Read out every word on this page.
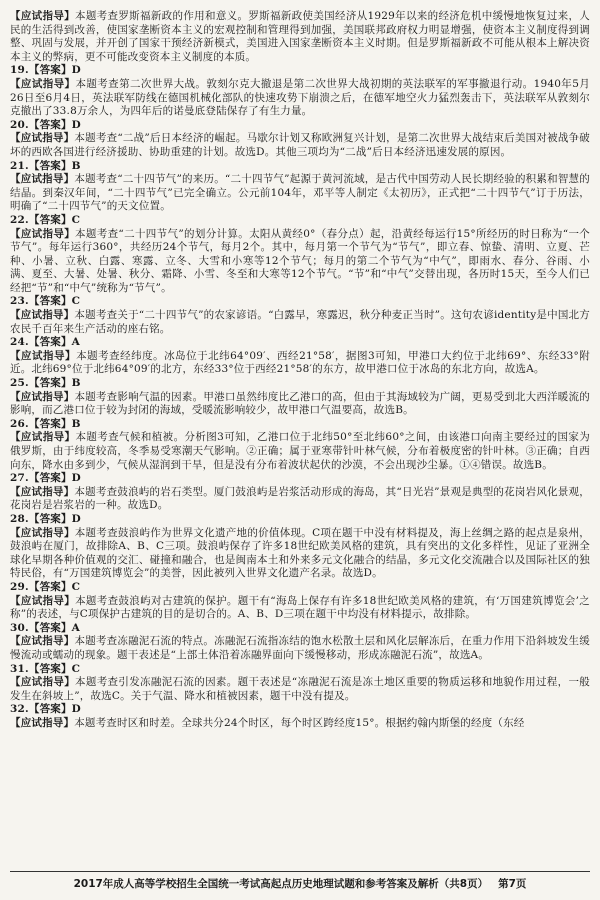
【应试指导】本题考查罗斯福新政的作用和意义。罗斯福新政使美国经济从1929年以来的经济危机中缓慢地恢复过来，人民的生活得到改善，使国家垄断资本主义的宏观控制和管理得到加强，美国联邦政府权力明显增强，使资本主义制度得到调整、巩固与发展，并开创了国家干预经济新模式，美国进入国家垄断资本主义时期。但是罗斯福新政不可能从根本上解决资本主义的弊病，更不可能改变资本主义制度的本质。
19.【答案】D
【应试指导】本题考查第二次世界大战。敦刻尔克大撤退是第二次世界大战初期的英法联军的军事撤退行动。1940年5月26日至6月4日，英法联军防线在德国机械化部队的快速攻势下崩溃之后，在德军地空火力猛烈轰击下，英法联军从敦刻尔克撤出了33.8万余人，为四年后的诺曼底登陆保存了有生力量。
20.【答案】D
【应试指导】本题考查“二战”后日本经济的崛起。马歇尔计划又称欧洲复兴计划，是第二次世界大战结束后美国对被战争破坏的西欧各国进行经济援助、协助重建的计划。故选D。其他三项均为“二战”后日本经济迅速发展的原因。
21.【答案】B
【应试指导】本题考查“二十四节气”的来历。“二十四节气”起源于黄河流域，是古代中国劳动人民长期经验的积累和智慧的结晶。到秦汉年间，“二十四节气”已完全确立。公元前104年，邓平等人制定《太初历》，正式把“二十四节气”订于历法，明确了“二十四节气”的天文位置。
22.【答案】C
【应试指导】本题考查“二十四节气”的划分计算。太阳从黄经0°（春分点）起，沿黄经每运行15°所经历的时日称为“一个节气”。每年运行360°，共经历24个节气，每月2个。其中，每月第一个节气为“节气”，即立春、惊蛰、清明、立夏、芒种、小暑、立秋、白露、寒露、立冬、大雪和小寒等12个节气；每月的第二个节气为“中气”，即雨水、春分、谷雨、小满、夏至、大暑、处暑、秋分、霜降、小雪、冬至和大寒等12个节气。“节”和“中气”交替出现，各历时15天，至今人们已经把“节”和“中气”统称为“节气”。
23.【答案】C
【应试指导】本题考查关于“二十四节气”的农家谚语。“白露早，寒露迟，秋分种麦正当时”。这句农谚identity是中国北方农民千百年来生产活动的座右铭。
24.【答案】A
【应试指导】本题考查经纬度。冰岛位于北纬64°09′、西经21°58′，据图3可知，甲港口大约位于北纬69°、东经33°附近。北纬69°位于北纬64°09′的北方，东经33°位于西经21°58′的东方，故甲港口位于冰岛的东北方向，故选A。
25.【答案】B
【应试指导】本题考查影响气温的因素。甲港口虽然纬度比乙港口的高，但由于其海域较为广阔，更易受到北大西洋暖流的影响，而乙港口位于较为封闭的海域，受暖流影响较少，故甲港口气温要高，故选B。
26.【答案】B
【应试指导】本题考查气候和植被。分析图3可知，乙港口位于北纬50°至北纬60°之间，由该港口向南主要经过的国家为俄罗斯，由于纬度较高，冬季易受寒潮天气影响。②正确；属于亚寒带针叶林气候，分布着极度密的针叶林。③正确；自西向东，降水由多到少，气候从湿润到干旱，但是没有分布着波状起伏的沙漠，不会出现沙尘暴。①④错误。故选B。
27.【答案】D
【应试指导】本题考查鼓浪屿的岩石类型。厦门鼓浪屿是岩浆活动形成的海岛，其“日光岩”景观是典型的花岗岩风化景观，花岗岩是岩浆岩的一种。故选D。
28.【答案】D
【应试指导】本题考查鼓浪屿作为世界文化遗产地的价值体现。C项在题干中没有材料提及，海上丝绸之路的起点是泉州，鼓浪屿在厦门，故排除A、B、C三项。鼓浪屿保存了许多18世纪欧美风格的建筑，具有突出的文化多样性，见证了亚洲全球化早期各种价值观的交汇、碰撞和融合，也是闽南本土和外来多元文化融合的结晶，多元文化交流融合以及国际社区的独特民俗，有“万国建筑博览会”的美誉，因此被列入世界文化遗产名录。故选D。
29.【答案】C
【应试指导】本题考查鼓浪屿对古建筑的保护。题干有“海岛上保存有许多18世纪欧美风格的建筑，有‘万国建筑博览会’之称”的表述，与C项保护古建筑的目的是切合的。A、B、D三项在题干中均没有材料提示，故排除。
30.【答案】A
【应试指导】本题考查冻融泥石流的特点。冻融泥石流指冻结的饱水松散土层和风化层解冻后，在重力作用下沿斜坡发生缓慢流动或蠕动的现象。题干表述是“上部土体沿着冻融界面向下缓慢移动，形成冻融泥石流”，故选A。
31.【答案】C
【应试指导】本题考查引发冻融泥石流的因素。题干表述是“冻融泥石流是冻土地区重要的物质运移和地貌作用过程，一般发生在斜坡上”，故选C。关于气温、降水和植被因素，题干中没有提及。
32.【答案】D
【应试指导】本题考查时区和时差。全球共分24个时区，每个时区跨经度15°。根据约翰内斯堡的经度（东经
2017年成人高等学校招生全国统一考试高起点历史地理试题和参考答案及解析（共8页） 第7页
